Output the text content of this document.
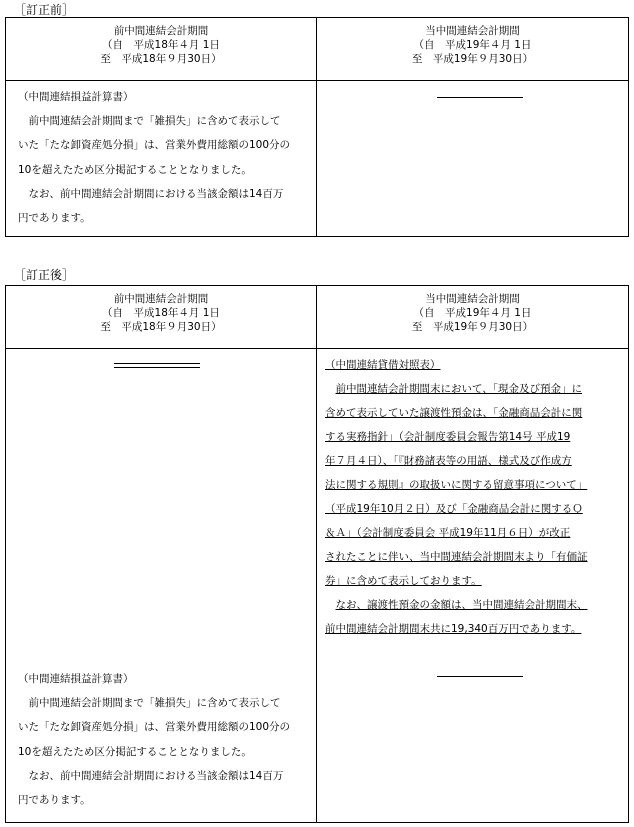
［訂正前］
前中間連結会計期間
（自　平成18年４月 1日
至　平成18年９月30日）
当中間連結会計期間
（自　平成19年４月 1日
至　平成19年９月30日）

（中間連結損益計算書）

前中間連結会計期間まで「雑損失」に含めて表示して

いた「たな卸資産処分損」は、営業外費用総額の100分の

10を超えたため区分掲記することとなりました。

なお、前中間連結会計期間における当該金額は14百万

円であります。

［訂正後］
前中間連結会計期間
（自　平成18年４月 1日
至　平成18年９月30日）
当中間連結会計期間
（自　平成19年４月 1日
至　平成19年９月30日）

（中間連結損益計算書）

前中間連結会計期間まで「雑損失」に含めて表示して

いた「たな卸資産処分損」は、営業外費用総額の100分の

10を超えたため区分掲記することとなりました。

なお、前中間連結会計期間における当該金額は14百万

円であります。

（中間連結貸借対照表）

前中間連結会計期間末において、「現金及び預金」に

含めて表示していた譲渡性預金は、「金融商品会計に関

する実務指針」（会計制度委員会報告第14号 平成19

年７月４日）、「『財務諸表等の用語、様式及び作成方

法に関する規則』の取扱いに関する留意事項について」

（平成19年10月２日）及び「金融商品会計に関するＱ

＆Ａ」（会計制度委員会 平成19年11月６日）が改正

されたことに伴い、当中間連結会計期間末より「有価証

券」に含めて表示しております。

なお、譲渡性預金の金額は、当中間連結会計期間末、

前中間連結会計期間末共に19,340百万円であります。
